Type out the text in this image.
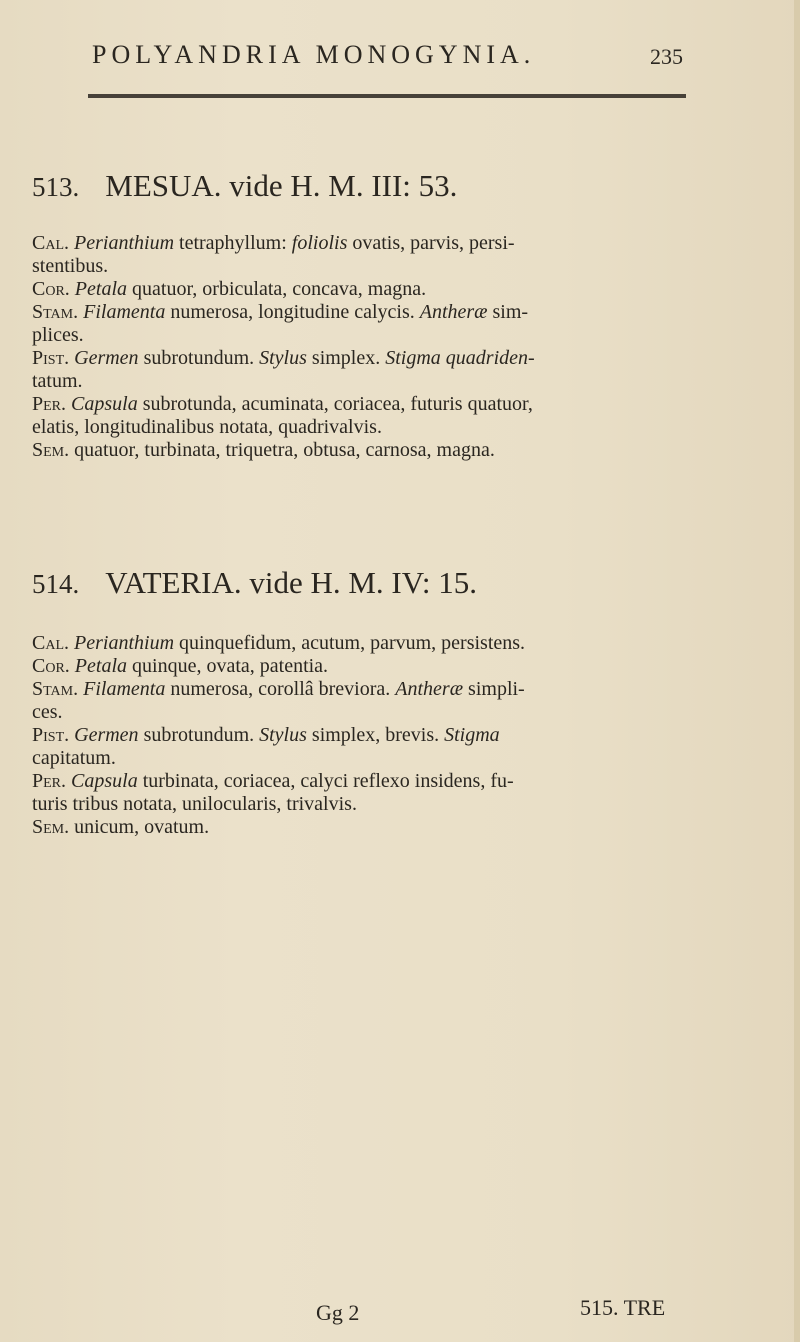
POLYANDRIA MONOGYNIA.	235
513. MESUA. vide H. M. III: 53.
Cal. Perianthium tetraphyllum: foliolis ovatis, parvis, persi-
stentibus.
Cor. Petala quatuor, orbiculata, concava, magna.
Stam. Filamenta numerosa, longitudine calycis. Antheræ sim-
plices.
Pist. Germen subrotundum. Stylus simplex. Stigma quadriden-
tatum.
Per. Capsula subrotunda, acuminata, coriacea, futuris quatuor,
elatis, longitudinalibus notata, quadrivalvis.
Sem. quatuor, turbinata, triquetra, obtusa, carnosa, magna.
514. VATERIA. vide H. M. IV: 15.
Cal. Perianthium quinquefidum, acutum, parvum, persistens.
Cor. Petala quinque, ovata, patentia.
Stam. Filamenta numerosa, corollâ breviora. Antheræ simpli-
ces.
Pist. Germen subrotundum. Stylus simplex, brevis. Stigma
capitatum.
Per. Capsula turbinata, coriacea, calyci reflexo insidens, fu-
turis tribus notata, unilocularis, trivalvis.
Sem. unicum, ovatum.
Gg 2	515. TRE
